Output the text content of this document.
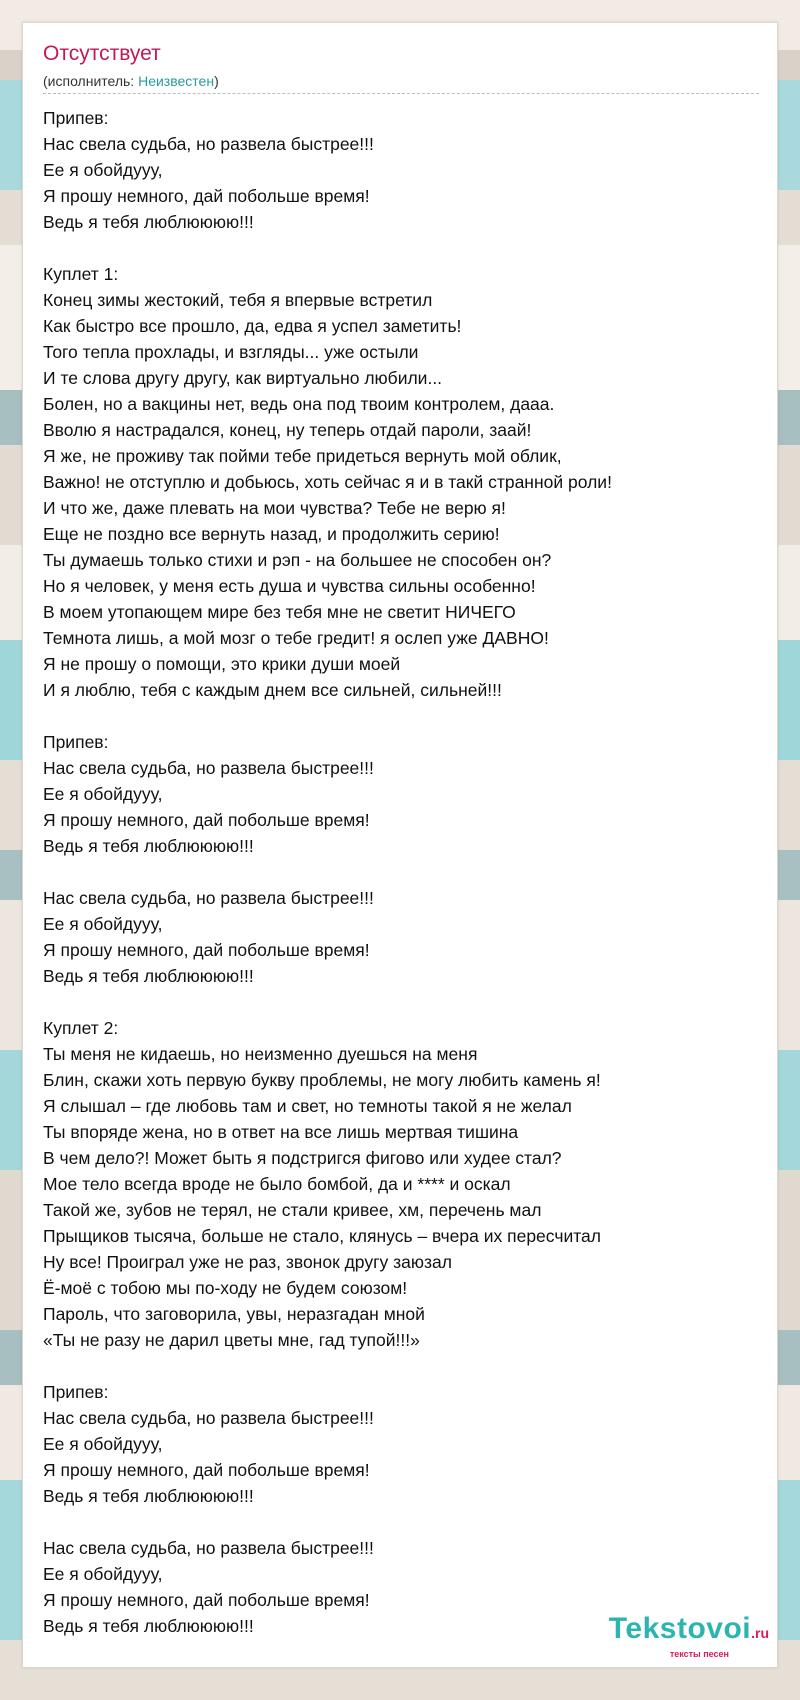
Отсутствует
(исполнитель: Неизвестен)
Припев:
Нас свела судьба, но развела быстрее!!!
Ее я обойдууу,
Я прошу немного, дай побольше время!
Ведь я тебя люблюююю!!!
Куплет 1:
Конец зимы жестокий, тебя я впервые встретил
Как быстро все прошло, да, едва я успел заметить!
Того тепла прохлады, и взгляды... уже остыли
И те слова другу другу, как виртуально любили...
Болен, но а вакцины нет, ведь она под твоим контролем, дааа.
Вволю я настрадался, конец, ну теперь отдай пароли, заай!
Я же, не проживу так пойми тебе придеться вернуть мой облик,
Важно! не отступлю и добьюсь, хоть сейчас я и в такй странной роли!
И что же, даже плевать на мои чувства? Тебе не верю я!
Еще не поздно все вернуть назад, и продолжить серию!
Ты думаешь только стихи и рэп - на большее не способен он?
Но я человек, у меня есть душа и чувства сильны особенно!
В моем утопающем мире без тебя мне не светит НИЧЕГО
Темнота лишь, а мой мозг о тебе гредит! я ослеп уже ДАВНО!
Я не прошу о помощи, это крики души моей
И я люблю, тебя с каждым днем все сильней, сильней!!!
Припев:
Нас свела судьба, но развела быстрее!!!
Ее я обойдууу,
Я прошу немного, дай побольше время!
Ведь я тебя люблюююю!!!
Нас свела судьба, но развела быстрее!!!
Ее я обойдууу,
Я прошу немного, дай побольше время!
Ведь я тебя люблюююю!!!
Куплет 2:
Ты меня не кидаешь, но неизменно дуешься на меня
Блин, скажи хоть первую букву проблемы, не могу любить камень я!
Я слышал – где любовь там и свет, но темноты такой я не желал
Ты впоряде жена, но в ответ на все лишь мертвая тишина
В чем дело?! Может быть я подстригся фигово или худее стал?
Мое тело всегда вроде не было бомбой, да и **** и оскал
Такой же, зубов не терял, не стали кривее, хм, перечень мал
Прыщиков тысяча, больше не стало, клянусь – вчера их пересчитал
Ну все! Проиграл уже не раз, звонок другу заюзал
Ё-моё с тобою мы по-ходу не будем союзом!
Пароль, что заговорила, увы, неразгадан мной
«Ты не разу не дарил цветы мне, гад тупой!!!»
Припев:
Нас свела судьба, но развела быстрее!!!
Ее я обойдууу,
Я прошу немного, дай побольше время!
Ведь я тебя люблюююю!!!
Нас свела судьба, но развела быстрее!!!
Ее я обойдууу,
Я прошу немного, дай побольше время!
Ведь я тебя люблюююю!!!	Tekstovoi.ru
тексты песен
